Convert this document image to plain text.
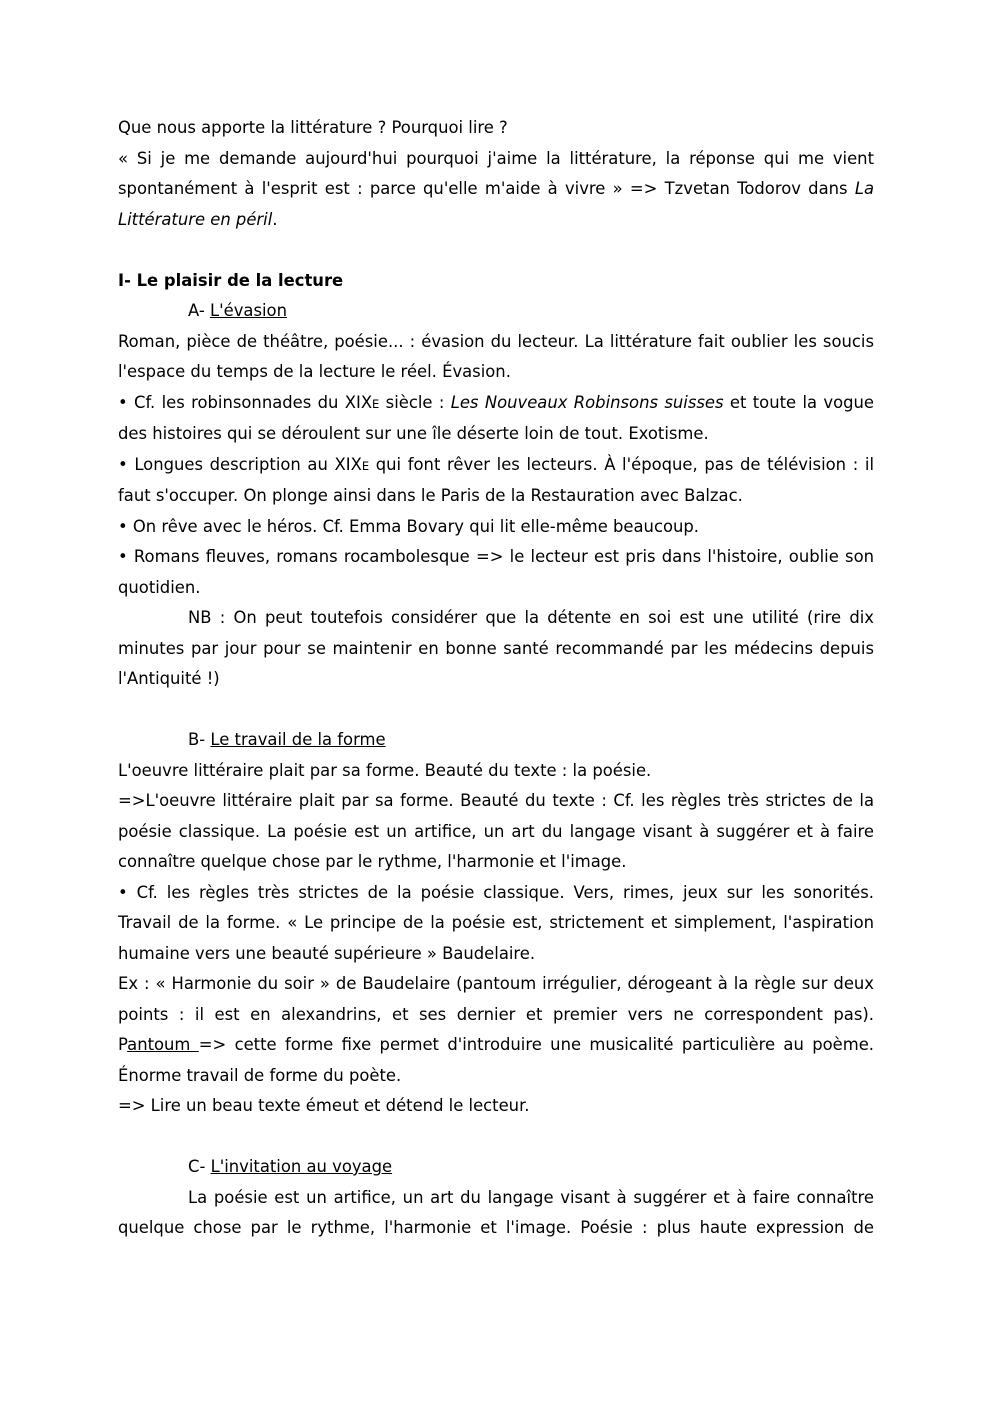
Que nous apporte la littérature ? Pourquoi lire ?

« Si je me demande aujourd'hui pourquoi j'aime la littérature, la réponse qui me vient spontanément à l'esprit est : parce qu'elle m'aide à vivre » => Tzvetan Todorov dans La Littérature en péril.

I- Le plaisir de la lecture

A- L'évasion

Roman, pièce de théâtre, poésie... : évasion du lecteur. La littérature fait oublier les soucis l'espace du temps de la lecture le réel. Évasion.

• Cf. les robinsonnades du XIXE siècle : Les Nouveaux Robinsons suisses et toute la vogue des histoires qui se déroulent sur une île déserte loin de tout. Exotisme.

• Longues description au XIXE qui font rêver les lecteurs. À l'époque, pas de télévision : il faut s'occuper. On plonge ainsi dans le Paris de la Restauration avec Balzac.

• On rêve avec le héros. Cf. Emma Bovary qui lit elle-même beaucoup.

• Romans fleuves, romans rocambolesque => le lecteur est pris dans l'histoire, oublie son quotidien.

NB : On peut toutefois considérer que la détente en soi est une utilité (rire dix minutes par jour pour se maintenir en bonne santé recommandé par les médecins depuis l'Antiquité !)

B- Le travail de la forme

L'oeuvre littéraire plait par sa forme. Beauté du texte : la poésie.

=>L'oeuvre littéraire plait par sa forme. Beauté du texte : Cf. les règles très strictes de la poésie classique. La poésie est un artifice, un art du langage visant à suggérer et à faire connaître quelque chose par le rythme, l'harmonie et l'image.

• Cf. les règles très strictes de la poésie classique. Vers, rimes, jeux sur les sonorités. Travail de la forme. « Le principe de la poésie est, strictement et simplement, l'aspiration humaine vers une beauté supérieure » Baudelaire.

Ex : « Harmonie du soir » de Baudelaire (pantoum irrégulier, dérogeant à la règle sur deux points : il est en alexandrins, et ses dernier et premier vers ne correspondent pas). Pantoum => cette forme fixe permet d'introduire une musicalité particulière au poème. Énorme travail de forme du poète.

=> Lire un beau texte émeut et détend le lecteur.

C- L'invitation au voyage

La poésie est un artifice, un art du langage visant à suggérer et à faire connaître quelque chose par le rythme, l'harmonie et l'image. Poésie : plus haute expression de
